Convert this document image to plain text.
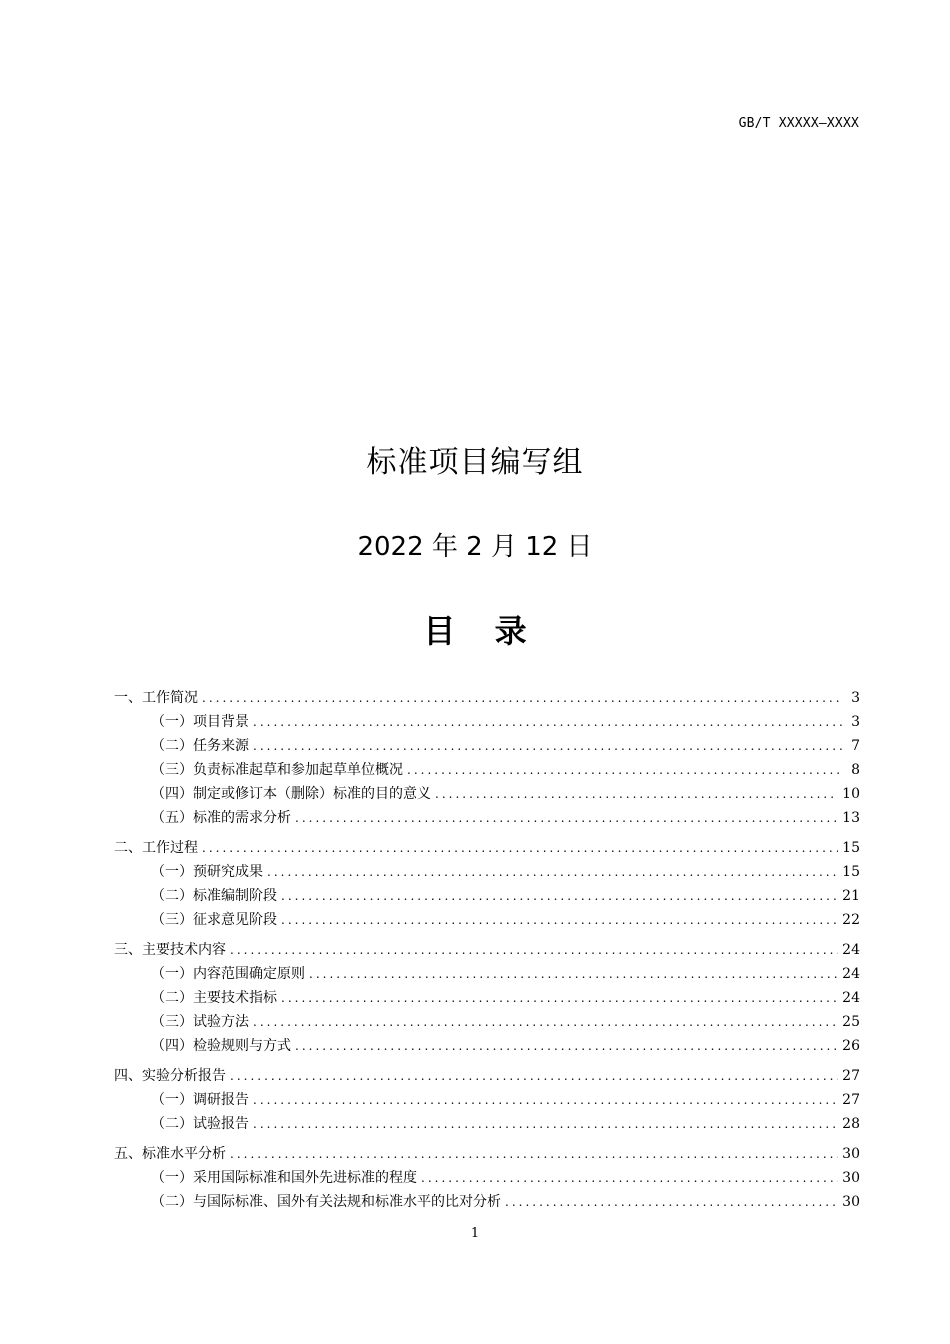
GB/T XXXXX—XXXX
标准项目编写组
2022 年 2 月 12 日
目 录
一、工作简况 .....	3
（一）项目背景 .....	3
（二）任务来源 .....	7
（三）负责标准起草和参加起草单位概况 .....	8
（四）制定或修订本（删除）标准的目的意义 .....	10
（五）标准的需求分析 .....	13
二、工作过程 .....	15
（一）预研究成果 .....	15
（二）标准编制阶段 .....	21
（三）征求意见阶段 .....	22
三、主要技术内容 .....	24
（一）内容范围确定原则 .....	24
（二）主要技术指标 .....	24
（三）试验方法 .....	25
（四）检验规则与方式 .....	26
四、实验分析报告 .....	27
（一）调研报告 .....	27
（二）试验报告 .....	28
五、标准水平分析 .....	30
（一）采用国际标准和国外先进标准的程度 .....	30
（二）与国际标准、国外有关法规和标准水平的比对分析 .....	30
1
